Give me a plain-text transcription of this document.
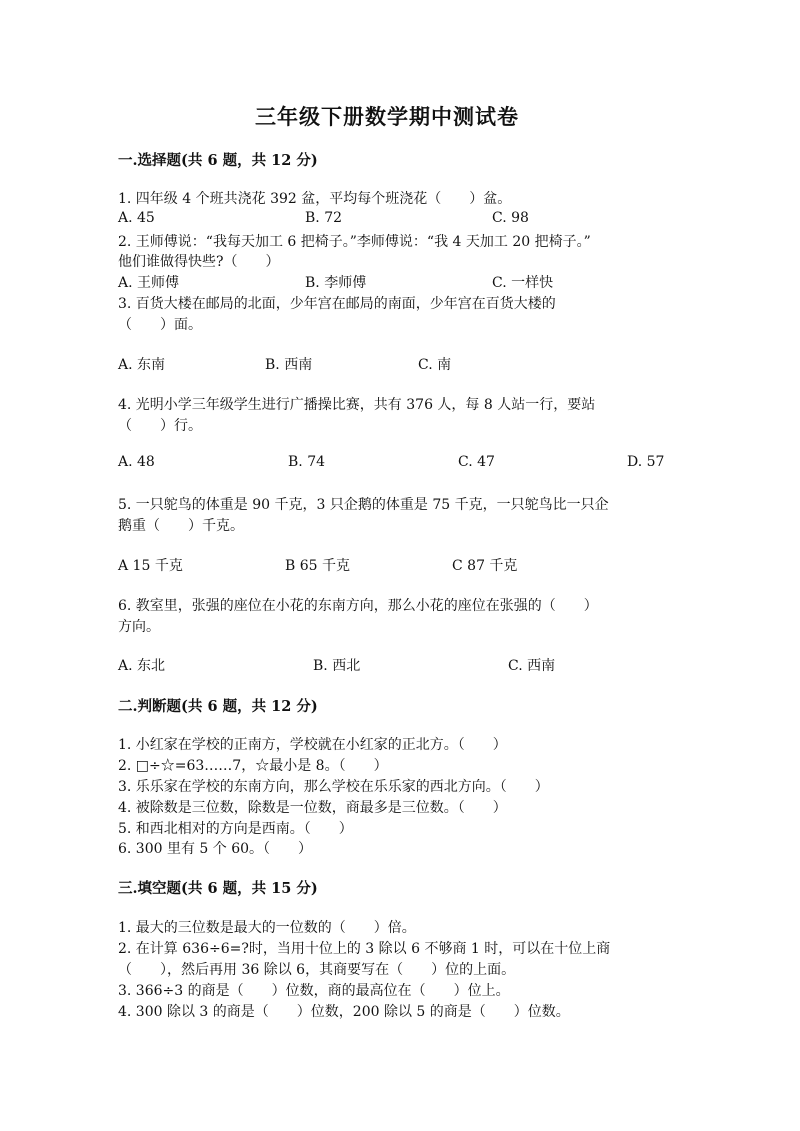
三年级下册数学期中测试卷
一.选择题(共 6 题，共 12 分)
1. 四年级 4 个班共浇花 392 盆，平均每个班浇花（　　）盆。
A. 45	B. 72	C. 98
2. 王师傅说：“我每天加工 6 把椅子。”李师傅说：“我 4 天加工 20 把椅子。”
他们谁做得快些?（　　）
A. 王师傅	B. 李师傅	C. 一样快
3. 百货大楼在邮局的北面，少年宫在邮局的南面，少年宫在百货大楼的
（　　）面。
A. 东南	B. 西南	C. 南
4. 光明小学三年级学生进行广播操比赛，共有 376 人，每 8 人站一行，要站
（　　）行。
A. 48	B. 74	C. 47	D. 57
5. 一只鸵鸟的体重是 90 千克，3 只企鹅的体重是 75 千克，一只鸵鸟比一只企
鹅重（　　）千克。
A 15 千克	B 65 千克	C 87 千克
6. 教室里，张强的座位在小花的东南方向，那么小花的座位在张强的（　　）
方向。
A. 东北	B. 西北	C. 西南
二.判断题(共 6 题，共 12 分)
1. 小红家在学校的正南方，学校就在小红家的正北方。（　　）
2. □÷☆=63……7，☆最小是 8。（　　）
3. 乐乐家在学校的东南方向，那么学校在乐乐家的西北方向。（　　）
4. 被除数是三位数，除数是一位数，商最多是三位数。（　　）
5. 和西北相对的方向是西南。（　　）
6. 300 里有 5 个 60。（　　）
三.填空题(共 6 题，共 15 分)
1. 最大的三位数是最大的一位数的（　　）倍。
2. 在计算 636÷6=?时，当用十位上的 3 除以 6 不够商 1 时，可以在十位上商
（　　），然后再用 36 除以 6，其商要写在（　　）位的上面。
3. 366÷3 的商是（　　）位数，商的最高位在（　　）位上。
4. 300 除以 3 的商是（　　）位数，200 除以 5 的商是（　　）位数。
